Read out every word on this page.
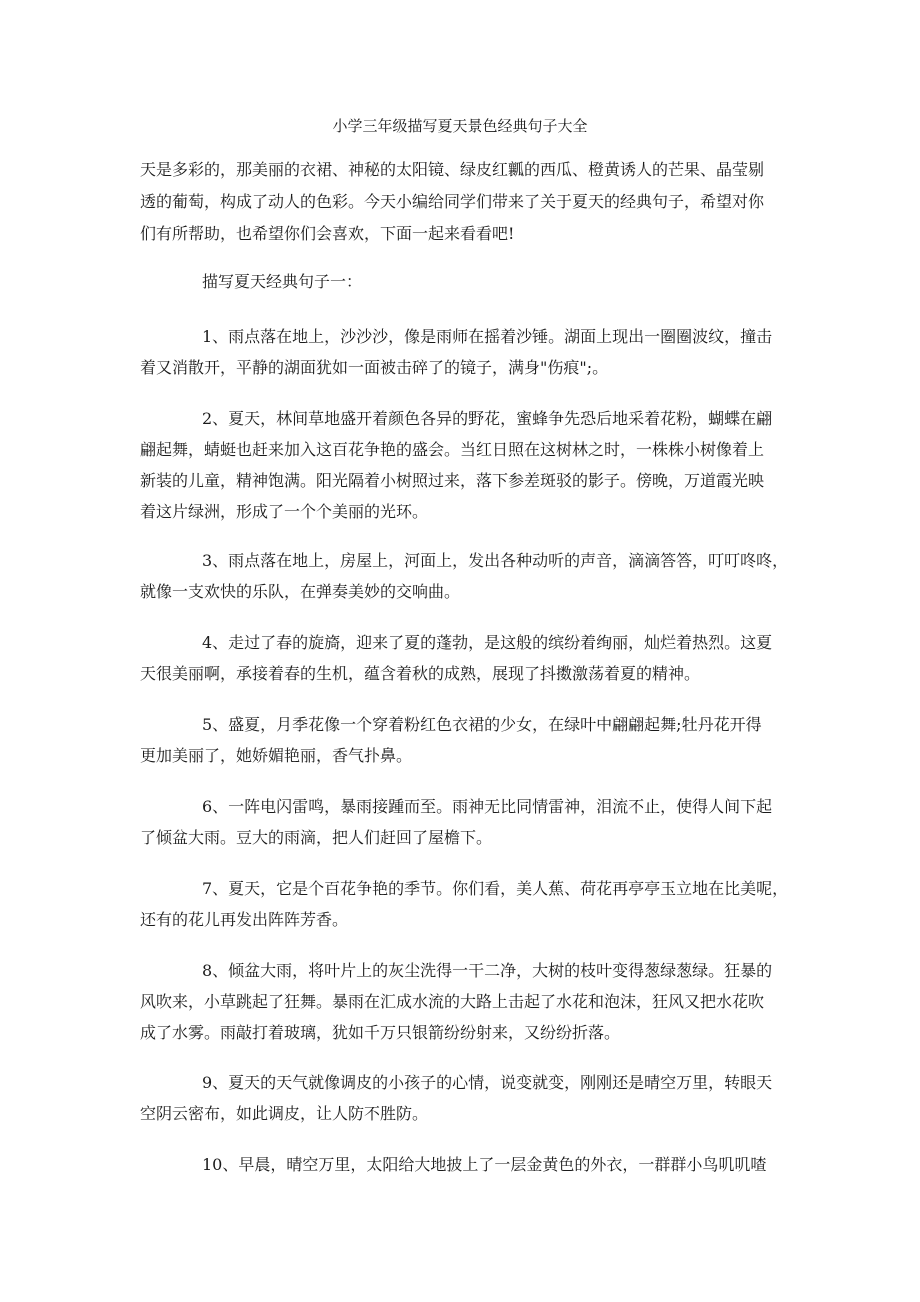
小学三年级描写夏天景色经典句子大全
天是多彩的，那美丽的衣裙、神秘的太阳镜、绿皮红瓤的西瓜、橙黄诱人的芒果、晶莹剔
透的葡萄，构成了动人的色彩。今天小编给同学们带来了关于夏天的经典句子，希望对你
们有所帮助，也希望你们会喜欢，下面一起来看看吧!
描写夏天经典句子一：
1、雨点落在地上，沙沙沙，像是雨师在摇着沙锤。湖面上现出一圈圈波纹，撞击
着又消散开，平静的湖面犹如一面被击碎了的镜子，满身"伤痕";。
2、夏天，林间草地盛开着颜色各异的野花，蜜蜂争先恐后地采着花粉，蝴蝶在翩
翩起舞，蜻蜓也赶来加入这百花争艳的盛会。当红日照在这树林之时，一株株小树像着上
新装的儿童，精神饱满。阳光隔着小树照过来，落下参差斑驳的影子。傍晚，万道霞光映
着这片绿洲，形成了一个个美丽的光环。
3、雨点落在地上，房屋上，河面上，发出各种动听的声音，滴滴答答，叮叮咚咚，
就像一支欢快的乐队，在弹奏美妙的交响曲。
4、走过了春的旋旖，迎来了夏的蓬勃，是这般的缤纷着绚丽，灿烂着热烈。这夏
天很美丽啊，承接着春的生机，蕴含着秋的成熟，展现了抖擞激荡着夏的精神。
5、盛夏，月季花像一个穿着粉红色衣裙的少女，在绿叶中翩翩起舞;牡丹花开得
更加美丽了，她娇媚艳丽，香气扑鼻。
6、一阵电闪雷鸣，暴雨接踵而至。雨神无比同情雷神，泪流不止，使得人间下起
了倾盆大雨。豆大的雨滴，把人们赶回了屋檐下。
7、夏天，它是个百花争艳的季节。你们看，美人蕉、荷花再亭亭玉立地在比美呢，
还有的花儿再发出阵阵芳香。
8、倾盆大雨，将叶片上的灰尘洗得一干二净，大树的枝叶变得葱绿葱绿。狂暴的
风吹来，小草跳起了狂舞。暴雨在汇成水流的大路上击起了水花和泡沫，狂风又把水花吹
成了水雾。雨敲打着玻璃，犹如千万只银箭纷纷射来，又纷纷折落。
9、夏天的天气就像调皮的小孩子的心情，说变就变，刚刚还是晴空万里，转眼天
空阴云密布，如此调皮，让人防不胜防。
10、早晨，晴空万里，太阳给大地披上了一层金黄色的外衣，一群群小鸟叽叽喳
